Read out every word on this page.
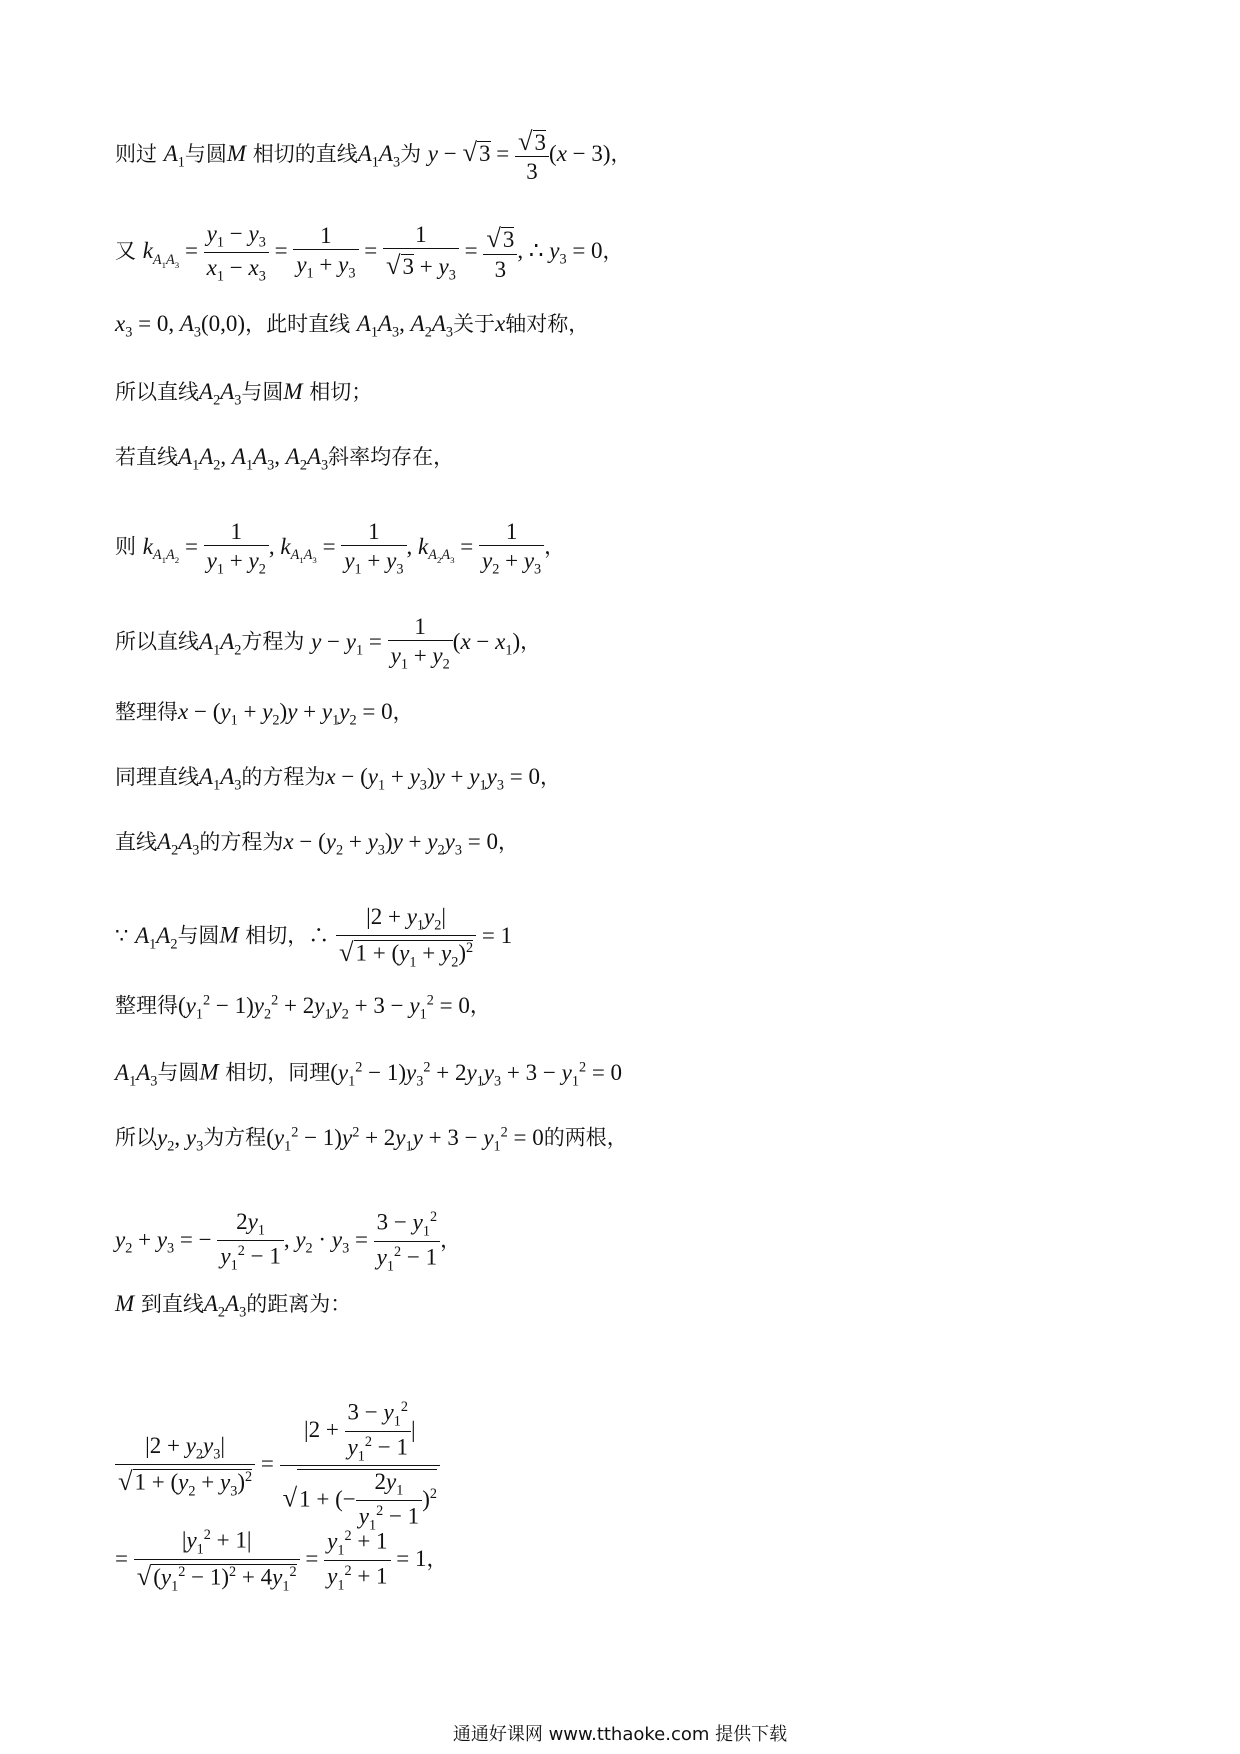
则过 $A_1$与圆M 相切的直线$A_1A_3$为 $y - √3 = \frac{√3}{3} (x - 3)$，
又 $k_{A_1A_3} = \frac{y_1 - y_3}{x_1 - x_3} = \frac{1}{y_1 + y_3} = \frac{1}{√3 + y_3} = \frac{√3}{3}$ , ∴ $y_3 = 0$，
$x_3 = 0$, $A_3(0,0)$，此时直线 $A_1A_3$, $A_2A_3$关于x轴对称，
所以直线$A_2A_3$与圆M 相切；
若直线$A_1A_2$, $A_1A_3$, $A_2A_3$斜率均存在，
则 $k_{A_1A_2} = \frac{1}{y_1 + y_2}$ , $k_{A_1A_3} = \frac{1}{y_1 + y_3}$ , $k_{A_2A_3} = \frac{1}{y_2 + y_3}$ ，
所以直线$A_1A_2$方程为 $y - y_1 = \frac{1}{y_1 + y_2} (x - x_1)$，
整理得$x - (y_1 + y_2)y + y_1y_2 = 0$，
同理直线$A_1A_3$的方程为$x - (y_1 + y_3)y + y_1y_3 = 0$，
直线$A_2A_3$的方程为$x - (y_2 + y_3)y + y_2y_3 = 0$，
∵ $A_1A_2$与圆M 相切，∴ $\frac{|2 + y_1y_2|}{√1 + (y_1 + y_2)^2} = 1$
整理得$(y_1^2 - 1)y_2^2 + 2y_1y_2 + 3 - y_1^2 = 0$，
$A_1A_3$与圆M 相切，同理$(y_1^2 - 1)y_3^2 + 2y_1y_3 + 3 - y_1^2 = 0$
所以$y_2$, $y_3$为方程$(y_1^2 - 1)y^2 + 2y_1y + 3 - y_1^2 = 0$的两根，
$y_2 + y_3$ = − $\frac{2y_1}{y_1^2 - 1}$ , $y_2 \cdot y_3 = \frac{3 - y_1^2}{y_1^2 - 1}$ ，
M 到直线$A_2A_3$的距离为：
$\frac{|2 + y_2y_3|}{√1 + (y_2 + y_3)^2} = \frac{|2 + \frac{3 - y_1^2}{y_1^2 - 1} |}{√1 + (- \frac{2y_1}{y_1^2 - 1} )^2}$
= $\frac{|y_1^2 + 1|}{√(y_1^2 - 1)^2 + 4y_1^2} = \frac{y_1^2 + 1}{y_1^2 + 1} = 1$，
通通好课网 www.tthaoke.com 提供下载
